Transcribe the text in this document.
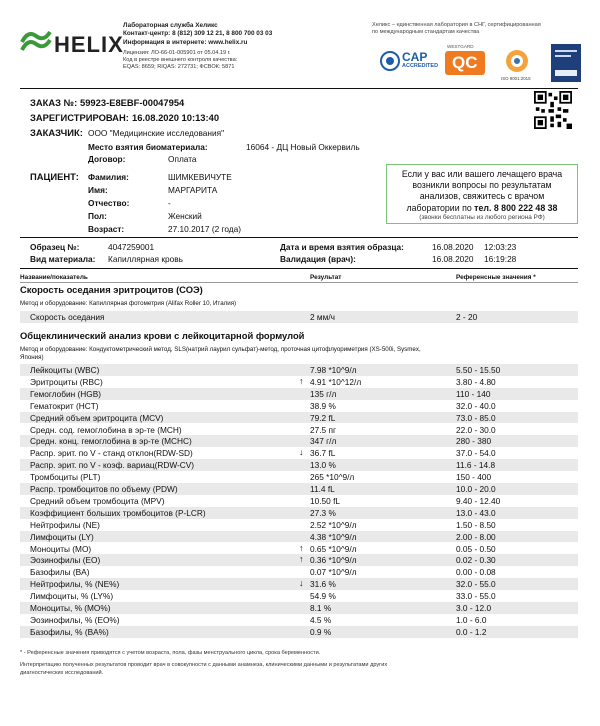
HELIX
Лабораторная служба Хеликс
Контакт-центр: 8 (812) 309 12 21, 8 800 700 03 03
Информация в интернете: www.helix.ru

Лицензия: ЛО-66-01-005901 от 05.04.19 г.
Код в реестре внешнего контроля качества:
EQAS: 8659; RIQAS: 272731; ФСВОК: 5871
Хеликс – единственная лаборатория в СНГ, сертифицированная
по международным стандартам качества
CAP
ACCREDITED
WESTGARD
QC
ISO 9001:2015
ЗАКАЗ №: 59923-E8EBF-00047954
ЗАРЕГИСТРИРОВАН: 16.08.2020 10:13:40
ЗАКАЗЧИК: ООО "Медицинские исследования"
Место взятия биоматериала:	16064 - ДЦ Новый Оккервиль
Договор:	Оплата
ПАЦИЕНТ: Фамилия:	ШИМКЕВИЧУТЕ
Имя:	МАРГАРИТА
Отчество:	-
Пол:	Женский
Возраст:	27.10.2017 (2 года)
Если у вас или вашего лечащего врача
возникли вопросы по результатам
анализов, свяжитесь с врачом
лаборатории по тел. 8 800 222 48 38
(звонки бесплатны из любого региона РФ)
Образец №:	4047259001
Вид материала: Капиллярная кровь
Дата и время взятия образца:	16.08.2020 12:03:23
Валидация (врач):	16.08.2020 16:19:28
Название/показатель	Результат	Референсные значения *
Скорость оседания эритроцитов (СОЭ)
Метод и оборудование: Капиллярная фотометрия (Alifax Roller 10, Италия)
Скорость оседания	2 мм/ч	2 - 20
Общеклинический анализ крови с лейкоцитарной формулой
Метод и оборудование: Кондуктометрический метод, SLS(натрий лаурил сульфат)-метод, проточная цитофлуориметрия (XS-500i, Sysmex,
Япония)
Лейкоциты (WBC)	7.98 *10^9/л	5.50 - 15.50
Эритроциты (RBC)	↑ 4.91 *10^12/л	3.80 - 4.80
Гемоглобин (HGB)	135 г/л	110 - 140
Гематокрит (HCT)	38.9 %	32.0 - 40.0
Средний объем эритроцита (MCV)	79.2 fL	73.0 - 85.0
Средн. сод. гемоглобина в эр-те (MCH)	27.5 пг	22.0 - 30.0
Средн. конц. гемоглобина в эр-те (MCHC)	347 г/л	280 - 380
Распр. эрит. по V - станд отклон(RDW-SD)	↓ 36.7 fL	37.0 - 54.0
Распр. эрит. по V - коэф. вариац(RDW-CV)	13.0 %	11.6 - 14.8
Тромбоциты (PLT)	265 *10^9/л	150 - 400
Распр. тромбоцитов по объему (PDW)	11.4 fL	10.0 - 20.0
Средний объем тромбоцита (MPV)	10.50 fL	9.40 - 12.40
Коэффициент больших тромбоцитов (P-LCR)	27.3 %	13.0 - 43.0
Нейтрофилы (NE)	2.52 *10^9/л	1.50 - 8.50
Лимфоциты (LY)	4.38 *10^9/л	2.00 - 8.00
Моноциты (MO)	↑ 0.65 *10^9/л	0.05 - 0.50
Эозинофилы (EO)	↑ 0.36 *10^9/л	0.02 - 0.30
Базофилы (BA)	0.07 *10^9/л	0.00 - 0.08
Нейтрофилы, % (NE%)	↓ 31.6 %	32.0 - 55.0
Лимфоциты, % (LY%)	54.9 %	33.0 - 55.0
Моноциты, % (MO%)	8.1 %	3.0 - 12.0
Эозинофилы, % (EO%)	4.5 %	1.0 - 6.0
Базофилы, % (BA%)	0.9 %	0.0 - 1.2
* - Референсные значения приводятся с учетом возраста, пола, фазы менструального цикла, срока беременности.
Интерпретацию полученных результатов проводит врач в совокупности с данными анамнеза, клиническими данными и результатами других
диагностических исследований.
